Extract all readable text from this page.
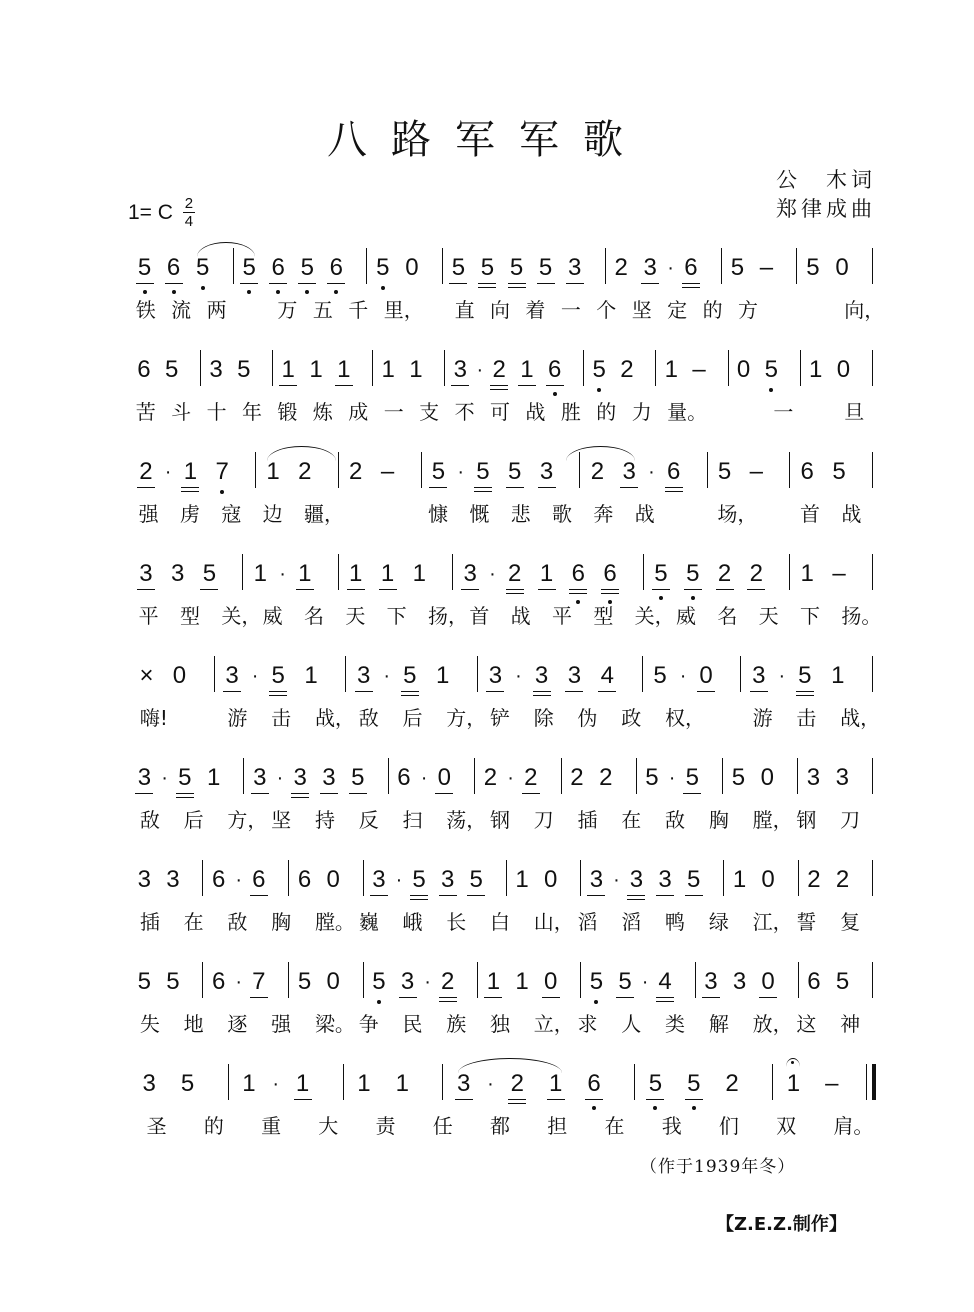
八路军军歌
1= C 2
4
公　木词
郑律成曲
5 6 5 5 6 5 6 5 0 5 5 5 5 3 2 3 · 6 5 – 5 0
铁 流 两	万 五 千 里， 直 向 着 一 个 坚 定 的 方	向，
6 5 3 5 1 1 1 1 1 3 · 2 1 6 5 2 1 – 0 5 1 0
苦 斗 十 年 锻 炼 成 一 支 不 可 战 胜 的 力 量。	一	旦
2 · 1 7 1 2 2 – 5 · 5 5 3 2 3 · 6 5 – 6 5
强 虏 寇 边 疆，	慷 慨 悲 歌 奔 战	场， 首 战
3 3 5 1 · 1 1 1 1 3 · 2 1 6 6 5 5 2 2 1 –
平 型 关， 威 名 天 下 扬， 首 战 平 型 关， 威 名 天 下 扬。
× 0 3 · 5 1 3 · 5 1 3 · 3 3 4 5 · 0 3 · 5 1
嗨!	游 击 战， 敌 后 方， 铲 除 伪 政 权， 游 击 战，
3 · 5 1 3 · 3 3 5 6 · 0 2 · 2 2 2 5 · 5 5 0 3 3
敌 后 方， 坚 持 反 扫 荡， 钢 刀 插 在 敌 胸 膛， 钢 刀
3 3 6 · 6 6 0 3 · 5 3 5 1 0 3 · 3 3 5 1 0 2 2
插 在 敌 胸 膛。 巍 峨 长 白 山， 滔 滔 鸭 绿 江， 誓 复
5 5 6 · 7 5 0 5 3 · 2 1 1 0 5 5 · 4 3 3 0 6 5
失 地 逐 强 梁。 争 民 族 独 立， 求 人 类 解 放， 这 神
3 5 1 · 1 1 1 3 · 2 1 6 5 5 2 1 –
圣 的 重 大 责 任 都 担 在 我 们 双 肩。
（作于1939年冬）
【Z.E.Z.制作】
